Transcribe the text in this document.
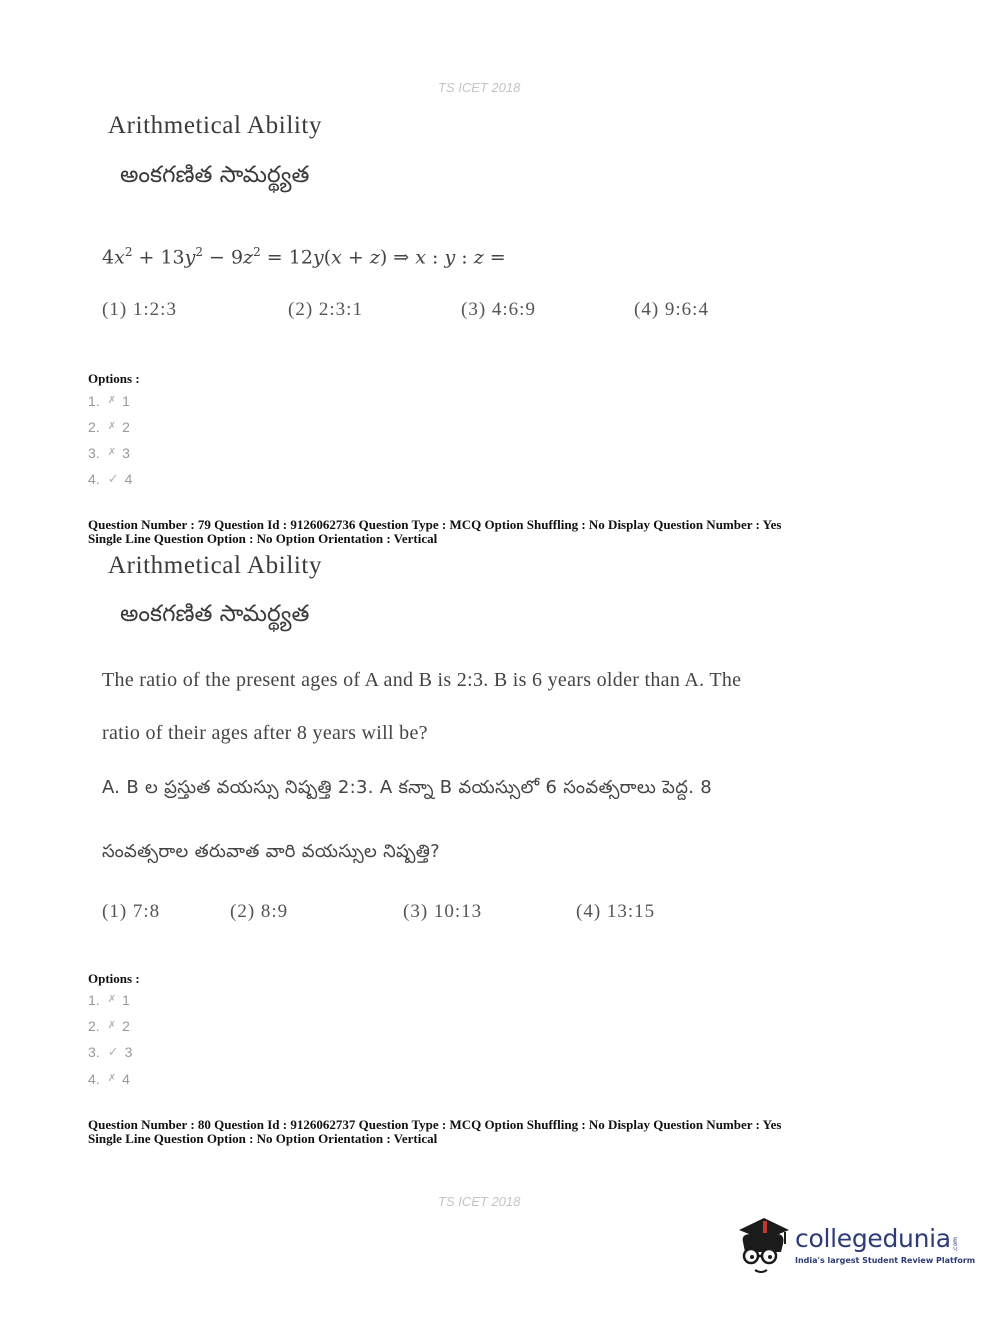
TS ICET 2018
Arithmetical Ability
అంకగణిత సామర్థ్యత
$4x^2 + 13y^2 - 9z^2 = 12y(x + z)$ ⇒ x : y : z =
(1) 1:2:3	(2) 2:3:1	(3) 4:6:9	(4) 9:6:4
Options :
1. ✗ 1
2. ✗ 2
3. ✗ 3
4. ✓ 4
Question Number : 79 Question Id : 9126062736 Question Type : MCQ Option Shuffling : No Display Question Number : Yes
Single Line Question Option : No Option Orientation : Vertical
Arithmetical Ability
అంకగణిత సామర్థ్యత
The ratio of the present ages of A and B is 2:3. B is 6 years older than A. The
ratio of their ages after 8 years will be?
A. B ల ప్రస్తుత వయస్సు నిష్పత్తి 2:3. A కన్నా B వయస్సులో 6 సంవత్సరాలు పెద్ద. 8
సంవత్సరాల తరువాత వారి వయస్సుల నిష్పత్తి?
(1) 7:8	(2) 8:9	(3) 10:13	(4) 13:15
Options :
1. ✗ 1
2. ✗ 2
3. ✓ 3
4. ✗ 4
Question Number : 80 Question Id : 9126062737 Question Type : MCQ Option Shuffling : No Display Question Number : Yes
Single Line Question Option : No Option Orientation : Vertical
TS ICET 2018
collegedunia .com
India's largest Student Review Platform
